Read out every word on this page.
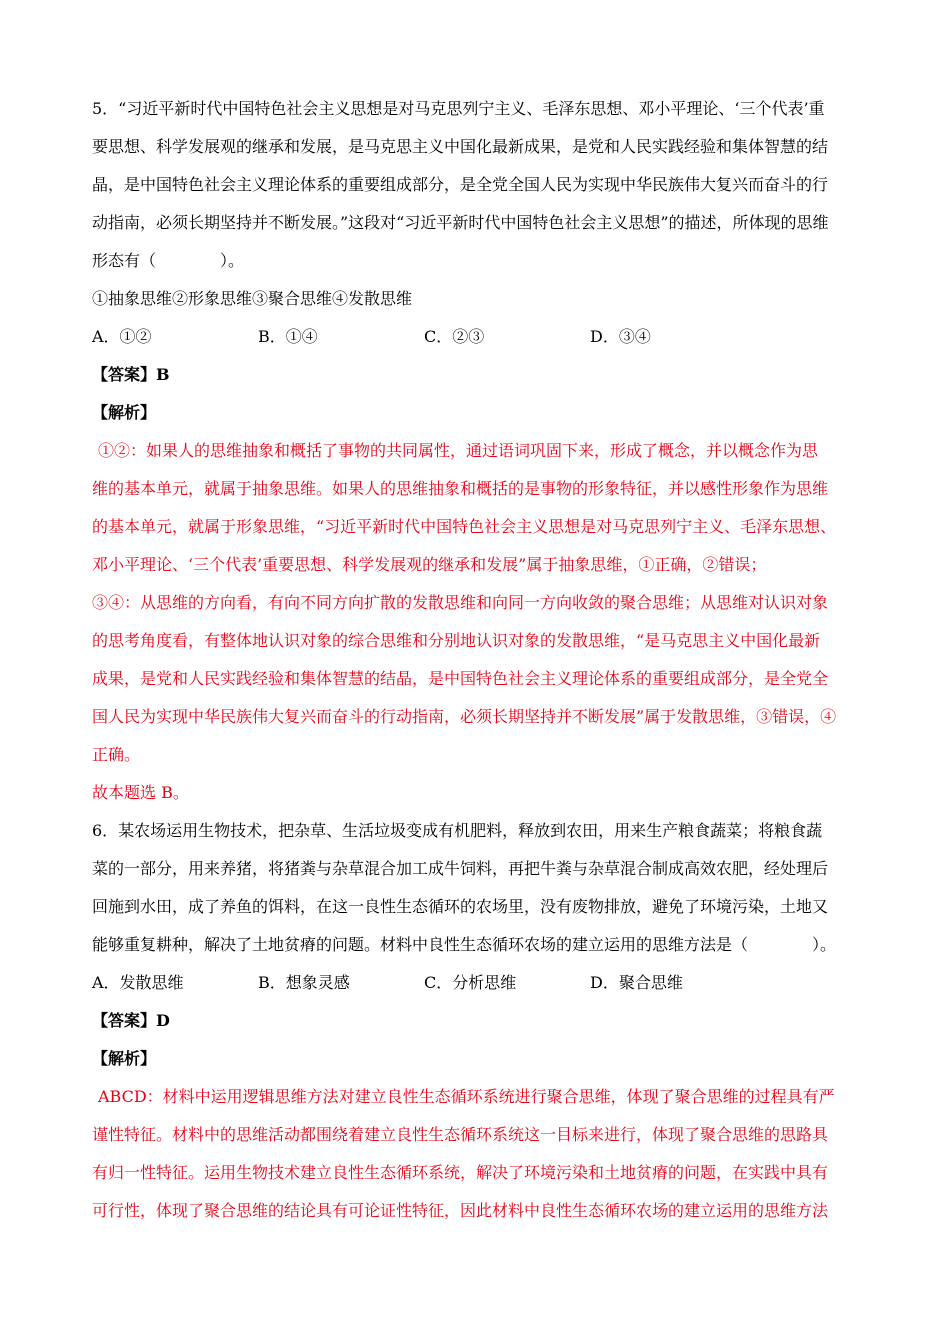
5．“习近平新时代中国特色社会主义思想是对马克思列宁主义、毛泽东思想、邓小平理论、‘三个代表’重
要思想、科学发展观的继承和发展，是马克思主义中国化最新成果，是党和人民实践经验和集体智慧的结
晶，是中国特色社会主义理论体系的重要组成部分，是全党全国人民为实现中华民族伟大复兴而奋斗的行
动指南，必须长期坚持并不断发展。”这段对“习近平新时代中国特色社会主义思想”的描述，所体现的思维
形态有（　　　　）。
①抽象思维②形象思维③聚合思维④发散思维
A．①②	B．①④	C．②③	D．③④
【答案】B
【解析】
①②：如果人的思维抽象和概括了事物的共同属性，通过语词巩固下来，形成了概念，并以概念作为思
维的基本单元，就属于抽象思维。如果人的思维抽象和概括的是事物的形象特征，并以感性形象作为思维
的基本单元，就属于形象思维，“习近平新时代中国特色社会主义思想是对马克思列宁主义、毛泽东思想、
邓小平理论、‘三个代表’重要思想、科学发展观的继承和发展”属于抽象思维，①正确，②错误；
③④：从思维的方向看，有向不同方向扩散的发散思维和向同一方向收敛的聚合思维；从思维对认识对象
的思考角度看，有整体地认识对象的综合思维和分别地认识对象的发散思维，“是马克思主义中国化最新
成果，是党和人民实践经验和集体智慧的结晶，是中国特色社会主义理论体系的重要组成部分，是全党全
国人民为实现中华民族伟大复兴而奋斗的行动指南，必须长期坚持并不断发展”属于发散思维，③错误，④
正确。
故本题选 B。
6．某农场运用生物技术，把杂草、生活垃圾变成有机肥料，释放到农田，用来生产粮食蔬菜；将粮食蔬
菜的一部分，用来养猪，将猪粪与杂草混合加工成牛饲料，再把牛粪与杂草混合制成高效农肥，经处理后
回施到水田，成了养鱼的饵料，在这一良性生态循环的农场里，没有废物排放，避免了环境污染，土地又
能够重复耕种，解决了土地贫瘠的问题。材料中良性生态循环农场的建立运用的思维方法是（　　　　）。
A．发散思维	B．想象灵感	C．分析思维	D．聚合思维
【答案】D
【解析】
ABCD：材料中运用逻辑思维方法对建立良性生态循环系统进行聚合思维，体现了聚合思维的过程具有严
谨性特征。材料中的思维活动都围绕着建立良性生态循环系统这一目标来进行，体现了聚合思维的思路具
有归一性特征。运用生物技术建立良性生态循环系统，解决了环境污染和土地贫瘠的问题，在实践中具有
可行性，体现了聚合思维的结论具有可论证性特征，因此材料中良性生态循环农场的建立运用的思维方法
